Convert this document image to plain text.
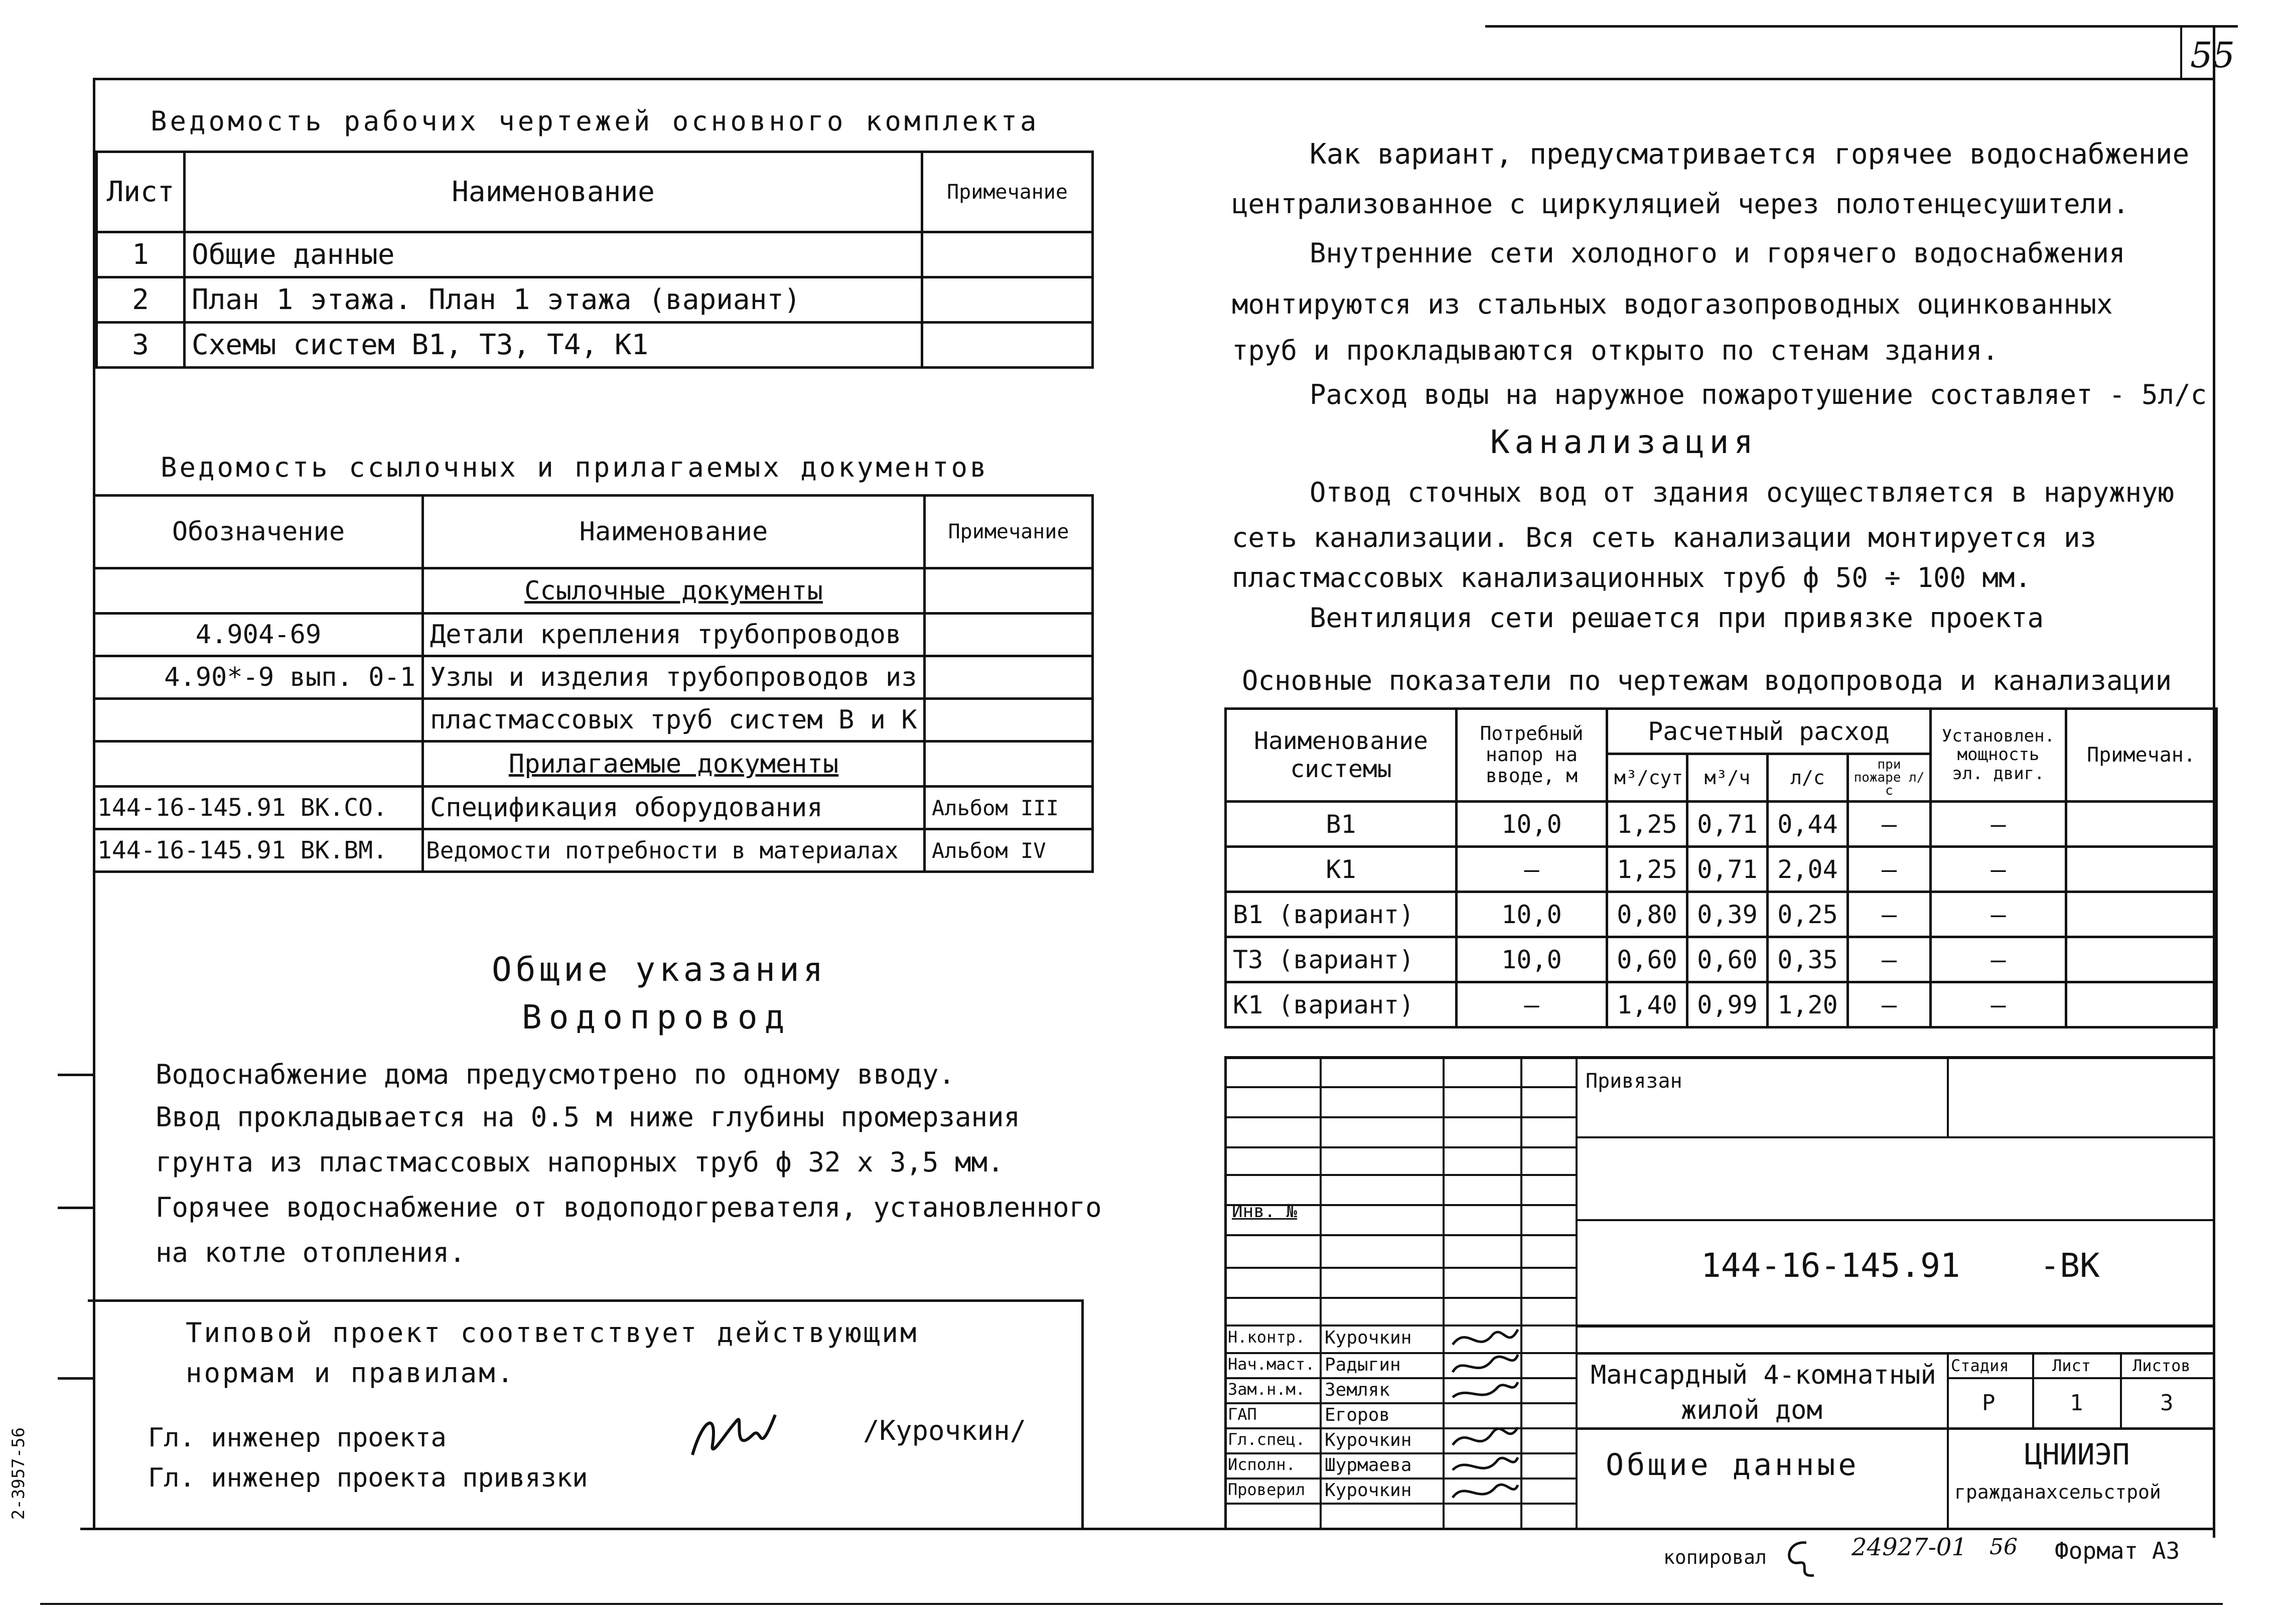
55
2-3957-56
Ведомость рабочих чертежей основного комплекта
Лист	Наименование	Примечание
1	Общие данные	
2	План 1 этажа. План 1 этажа (вариант)	
3	Схемы систем В1, Т3, Т4, К1	
Ведомость ссылочных и прилагаемых документов
Обозначение	Наименование	Примечание
	Ссылочные документы	
4.904-69	Детали крепления трубопроводов	
4.90*-9 вып. 0-1	Узлы и изделия трубопроводов из	
	пластмассовых труб систем В и К	
	Прилагаемые документы	
144-16-145.91 ВК.СО.	Спецификация оборудования	Альбом III
144-16-145.91 ВК.ВМ.	Ведомости потребности в материалах	Альбом IV
Общие указания
Водопровод
Водоснабжение дома предусмотрено по одному вводу.
Ввод прокладывается на 0.5 м ниже глубины промерзания
грунта из пластмассовых напорных труб ф 32 х 3,5 мм.
Горячее водоснабжение от водоподогревателя, установленного
на котле отопления.
Типовой проект соответствует действующим
нормам и правилам.
Гл. инженер проекта	/Курочкин/
Гл. инженер проекта привязки
Как вариант, предусматривается горячее водоснабжение
централизованное с циркуляцией через полотенцесушители.
Внутренние сети холодного и горячего водоснабжения
монтируются из стальных водогазопроводных оцинкованных
труб и прокладываются открыто по стенам здания.
Расход воды на наружное пожаротушение составляет - 5л/с
Канализация
Отвод сточных вод от здания осуществляется в наружную
сеть канализации. Вся сеть канализации монтируется из
пластмассовых канализационных труб ф 50 ÷ 100 мм.
Вентиляция сети решается при привязке проекта
Основные показатели по чертежам водопровода и канализации
Наименование системы	Потребный напор на вводе, м	Расчетный расход				Установлен. мощность эл. двиг.	Примечан.
		м³/сут	м³/ч	л/с	при пожаре л/с		
В1	10,0	1,25	0,71	0,44	—	—	
К1	—	1,25	0,71	2,04	—	—	
В1 (вариант)	10,0	0,80	0,39	0,25	—	—	
Т3 (вариант)	10,0	0,60	0,60	0,35	—	—	
К1 (вариант)	—	1,40	0,99	1,20	—	—	
Привязан
Инв. №
144-16-145.91    -ВК
Н.контр. Курочкин
Нач.маст. Радыгин
Зам.н.м. Земляк
ГАП	Егоров
Гл.спец. Курочкин
Исполн. Шурмаева
Проверил Курочкин
Мансардный 4-комнатный
жилой дом
Общие данные
Стадия	Лист	Листов
Р	1	3
ЦНИИЭП
гражданахсельстрой
копировал	24927-01 56 Формат А3
